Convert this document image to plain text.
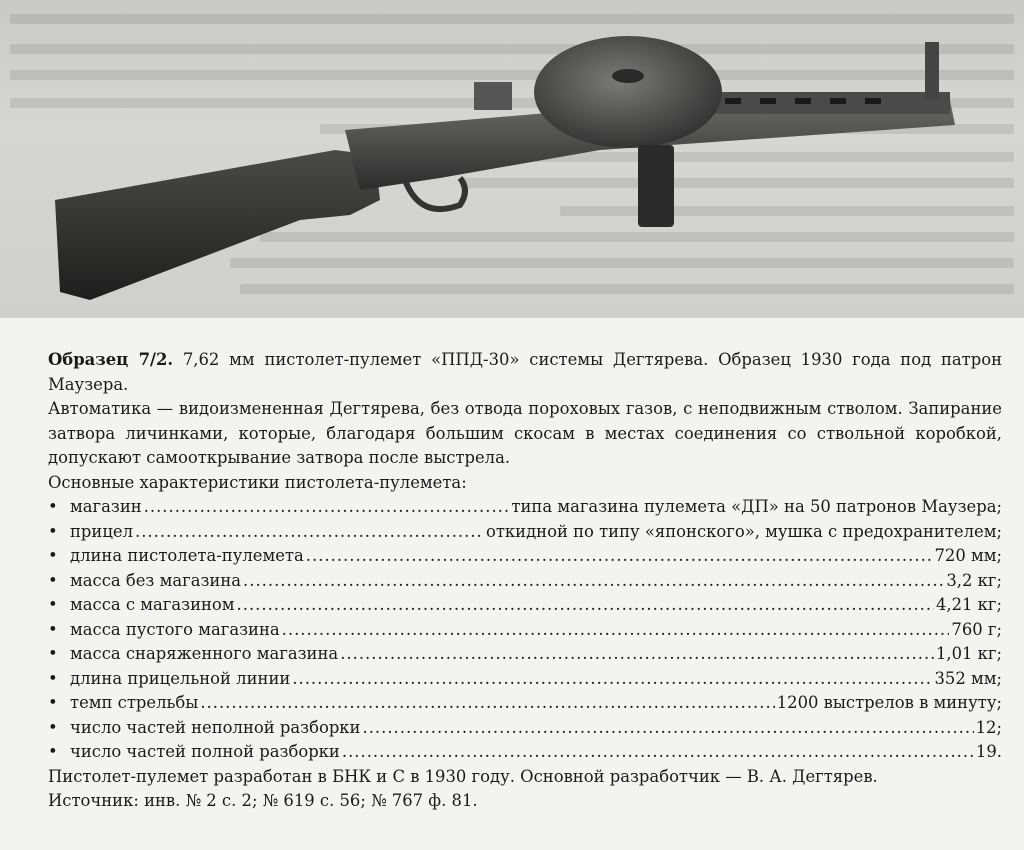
Образец 7/2. 7,62 мм пистолет-пулемет «ППД-30» системы Дегтярева. Образец 1930 года под патрон Маузера.

Автоматика — видоизмененная Дегтярева, без отвода пороховых газов, с неподвижным стволом. Запирание затвора личинками, которые, благодаря большим скосам в местах соединения со ствольной коробкой, допускают самооткрывание затвора после выстрела.

Основные характеристики пистолета-пулемета:

• магазин .....	типа магазина пулемета «ДП» на 50 патронов Маузера;
• прицел .....	откидной по типу «японского», мушка с предохранителем;
• длина пистолета-пулемета .....	720 мм;
• масса без магазина .....	3,2 кг;
• масса с магазином .....	4,21 кг;
• масса пустого магазина .....	760 г;
• масса снаряженного магазина .....	1,01 кг;
• длина прицельной линии .....	352 мм;
• темп стрельбы .....	1200 выстрелов в минуту;
• число частей неполной разборки .....	12;
• число частей полной разборки .....	19.

Пистолет-пулемет разработан в БНК и С в 1930 году. Основной разработчик — В. А. Дегтярев.

Источник: инв. № 2 с. 2; № 619 с. 56; № 767 ф. 81.
